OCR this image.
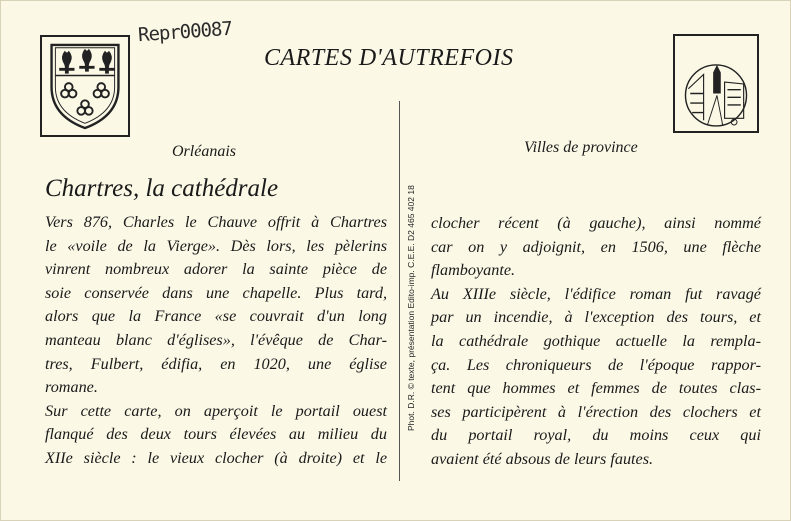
Repr00087
CARTES D'AUTREFOIS
Orléanais	Villes de province
Chartres, la cathédrale	Phot. D.R. © texte, présentation Edito-imp. C.E.E. D2 465 402 18
Vers 876, Charles le Chauve offrit à Chartres
le «voile de la Vierge». Dès lors, les pèlerins
vinrent nombreux adorer la sainte pièce de
soie conservée dans une chapelle. Plus tard,
alors que la France «se couvrait d'un long
manteau blanc d'églises», l'évêque de Char-
tres, Fulbert, édifia, en 1020, une église
romane.
Sur cette carte, on aperçoit le portail ouest
flanqué des deux tours élevées au milieu du
XIIe siècle : le vieux clocher (à droite) et le
clocher récent (à gauche), ainsi nommé
car on y adjoignit, en 1506, une flèche
flamboyante.
Au XIIIe siècle, l'édifice roman fut ravagé
par un incendie, à l'exception des tours, et
la cathédrale gothique actuelle la rempla-
ça. Les chroniqueurs de l'époque rappor-
tent que hommes et femmes de toutes clas-
ses participèrent à l'érection des clochers et
du portail royal, du moins ceux qui
avaient été absous de leurs fautes.
